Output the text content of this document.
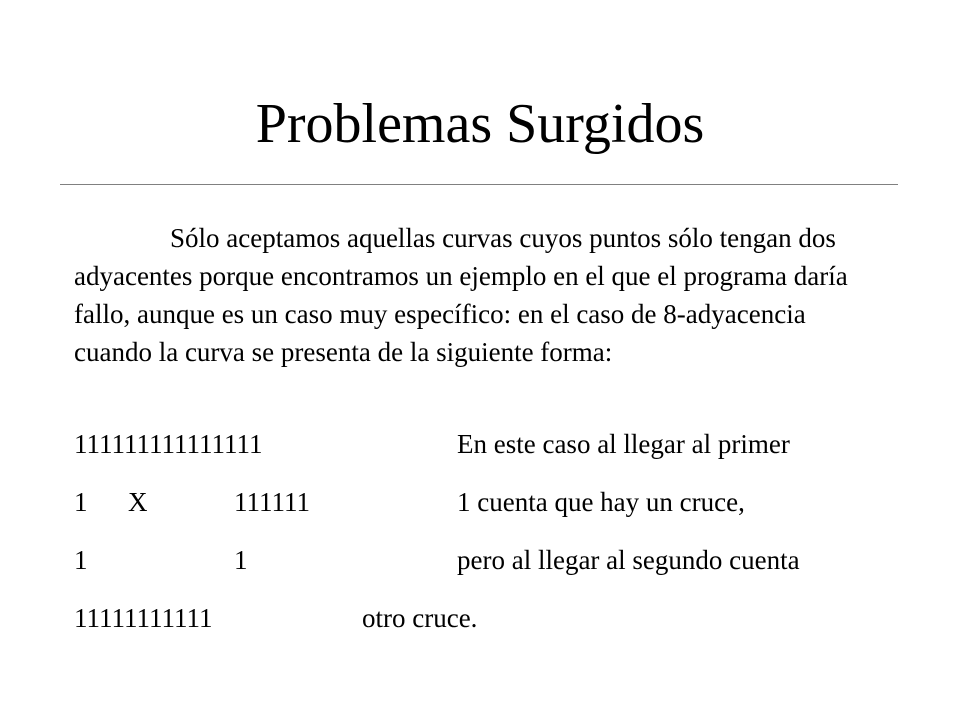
Problemas Surgidos

Sólo aceptamos aquellas curvas cuyos puntos sólo tengan dos adyacentes porque encontramos un ejemplo en el que el programa daría fallo, aunque es un caso muy específico: en el caso de 8-adyacencia cuando la curva se presenta de la siguiente forma:

111111111111111	En este caso al llegar al primer
1 X	111111	1 cuenta que hay un cruce,
1	1	pero al llegar al segundo cuenta
11111111111	otro cruce.
